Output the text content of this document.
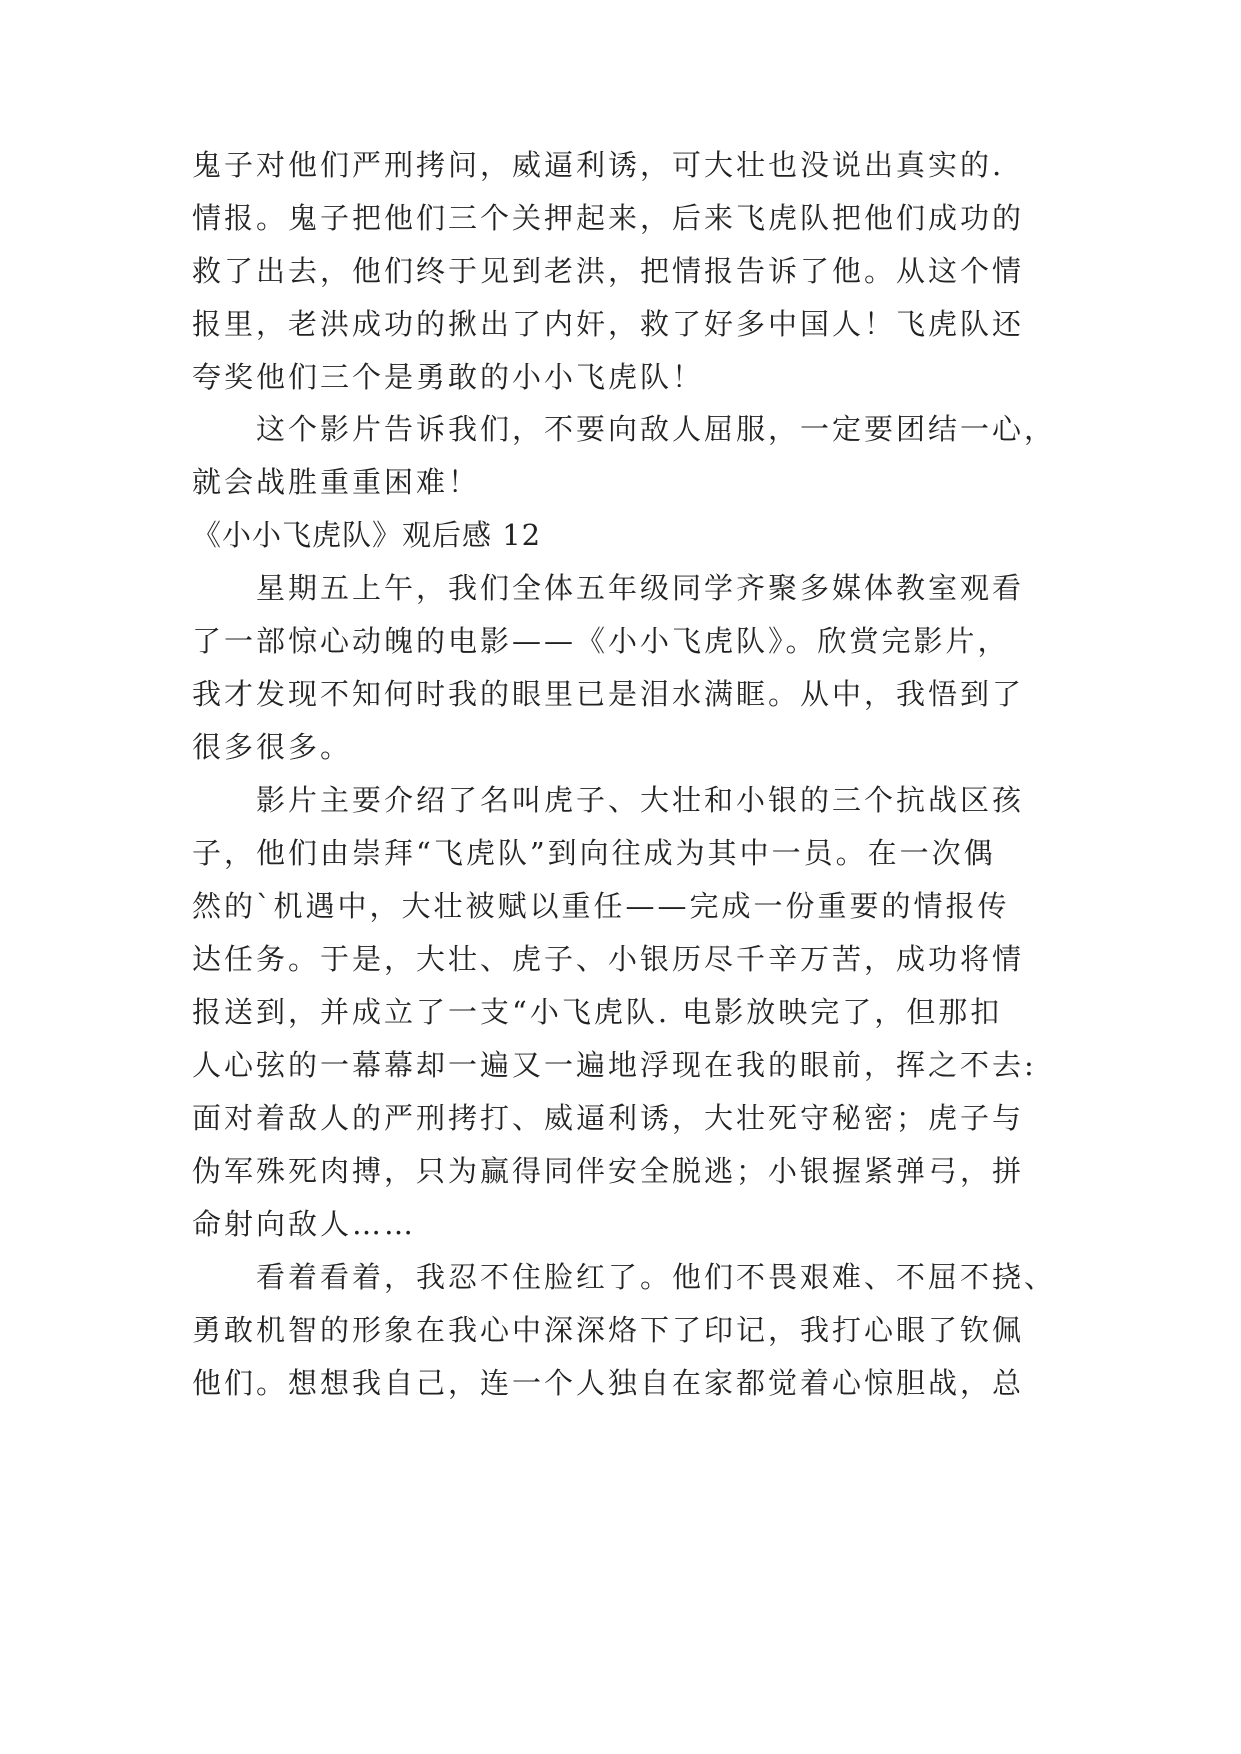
鬼子对他们严刑拷问，威逼利诱，可大壮也没说出真实的.
情报。鬼子把他们三个关押起来，后来飞虎队把他们成功的
救了出去，他们终于见到老洪，把情报告诉了他。从这个情
报里，老洪成功的揪出了内奸，救了好多中国人！飞虎队还
夸奖他们三个是勇敢的小小飞虎队！
这个影片告诉我们，不要向敌人屈服，一定要团结一心，
就会战胜重重困难！
《小小飞虎队》观后感 12
星期五上午，我们全体五年级同学齐聚多媒体教室观看
了一部惊心动魄的电影——《小小飞虎队》。欣赏完影片，
我才发现不知何时我的眼里已是泪水满眶。从中，我悟到了
很多很多。
影片主要介绍了名叫虎子、大壮和小银的三个抗战区孩
子，他们由崇拜“飞虎队”到向往成为其中一员。在一次偶
然的`机遇中，大壮被赋以重任——完成一份重要的情报传
达任务。于是，大壮、虎子、小银历尽千辛万苦，成功将情
报送到，并成立了一支“小飞虎队. 电影放映完了，但那扣
人心弦的一幕幕却一遍又一遍地浮现在我的眼前，挥之不去:
面对着敌人的严刑拷打、威逼利诱，大壮死守秘密；虎子与
伪军殊死肉搏，只为赢得同伴安全脱逃；小银握紧弹弓，拼
命射向敌人……
看着看着，我忍不住脸红了。他们不畏艰难、不屈不挠、
勇敢机智的形象在我心中深深烙下了印记，我打心眼了钦佩
他们。想想我自己，连一个人独自在家都觉着心惊胆战，总
